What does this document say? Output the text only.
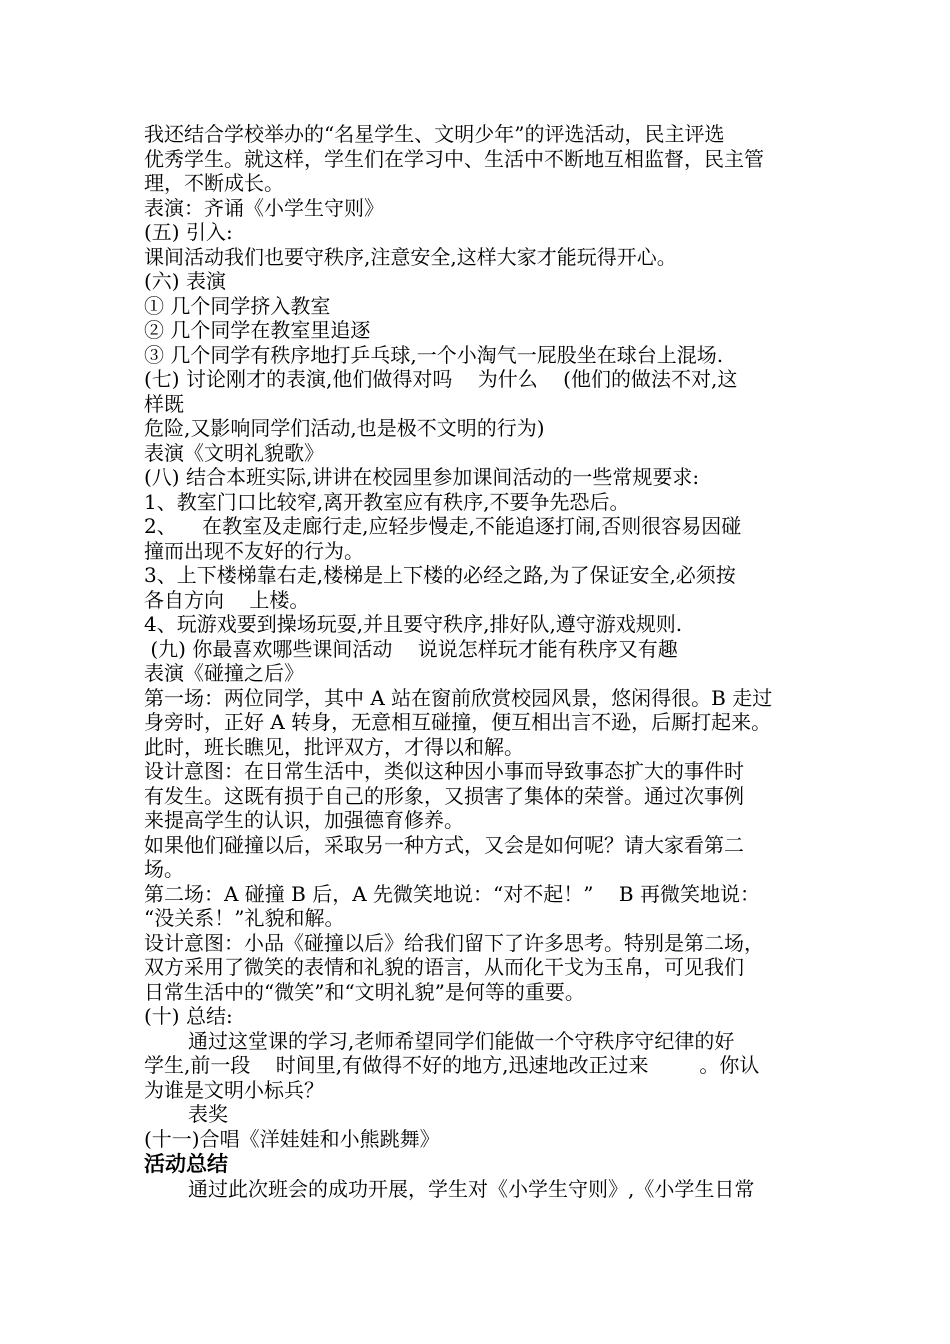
我还结合学校举办的“名星学生、文明少年”的评选活动，民主评选

优秀学生。就这样，学生们在学习中、生活中不断地互相监督，民主管

理，不断成长。

表演：齐诵《小学生守则》

(五) 引入:

课间活动我们也要守秩序,注意安全,这样大家才能玩得开心。

(六) 表演

① 几个同学挤入教室

② 几个同学在教室里追逐

③ 几个同学有秩序地打乒乓球,一个小淘气一屁股坐在球台上混场.

(七) 讨论刚才的表演,他们做得对吗    为什么    (他们的做法不对,这

样既

危险,又影响同学们活动,也是极不文明的行为)

表演《文明礼貌歌》

(八) 结合本班实际,讲讲在校园里参加课间活动的一些常规要求:

1、教室门口比较窄,离开教室应有秩序,不要争先恐后。

2、    在教室及走廊行走,应轻步慢走,不能追逐打闹,否则很容易因碰

撞而出现不友好的行为。

3、上下楼梯靠右走,楼梯是上下楼的必经之路,为了保证安全,必须按

各自方向    上楼。

4、玩游戏要到操场玩耍,并且要守秩序,排好队,遵守游戏规则.

(九) 你最喜欢哪些课间活动    说说怎样玩才能有秩序又有趣

表演《碰撞之后》

第一场：两位同学，其中 A 站在窗前欣赏校园风景，悠闲得很。B 走过

身旁时，正好 A 转身，无意相互碰撞，便互相出言不逊，后厮打起来。

此时，班长瞧见，批评双方，才得以和解。

设计意图：在日常生活中，类似这种因小事而导致事态扩大的事件时

有发生。这既有损于自己的形象，又损害了集体的荣誉。通过次事例

来提高学生的认识，加强德育修养。

如果他们碰撞以后，采取另一种方式，又会是如何呢？请大家看第二

场。

第二场：A 碰撞 B 后，A 先微笑地说：“对不起！”    B 再微笑地说：

“没关系！”礼貌和解。

设计意图：小品《碰撞以后》给我们留下了许多思考。特别是第二场，

双方采用了微笑的表情和礼貌的语言，从而化干戈为玉帛，可见我们

日常生活中的“微笑”和“文明礼貌”是何等的重要。

(十) 总结:

通过这堂课的学习,老师希望同学们能做一个守秩序守纪律的好

学生,前一段    时间里,有做得不好的地方,迅速地改正过来        。你认

为谁是文明小标兵？

表奖

(十一)合唱《洋娃娃和小熊跳舞》

活动总结

通过此次班会的成功开展，学生对《小学生守则》,《小学生日常
